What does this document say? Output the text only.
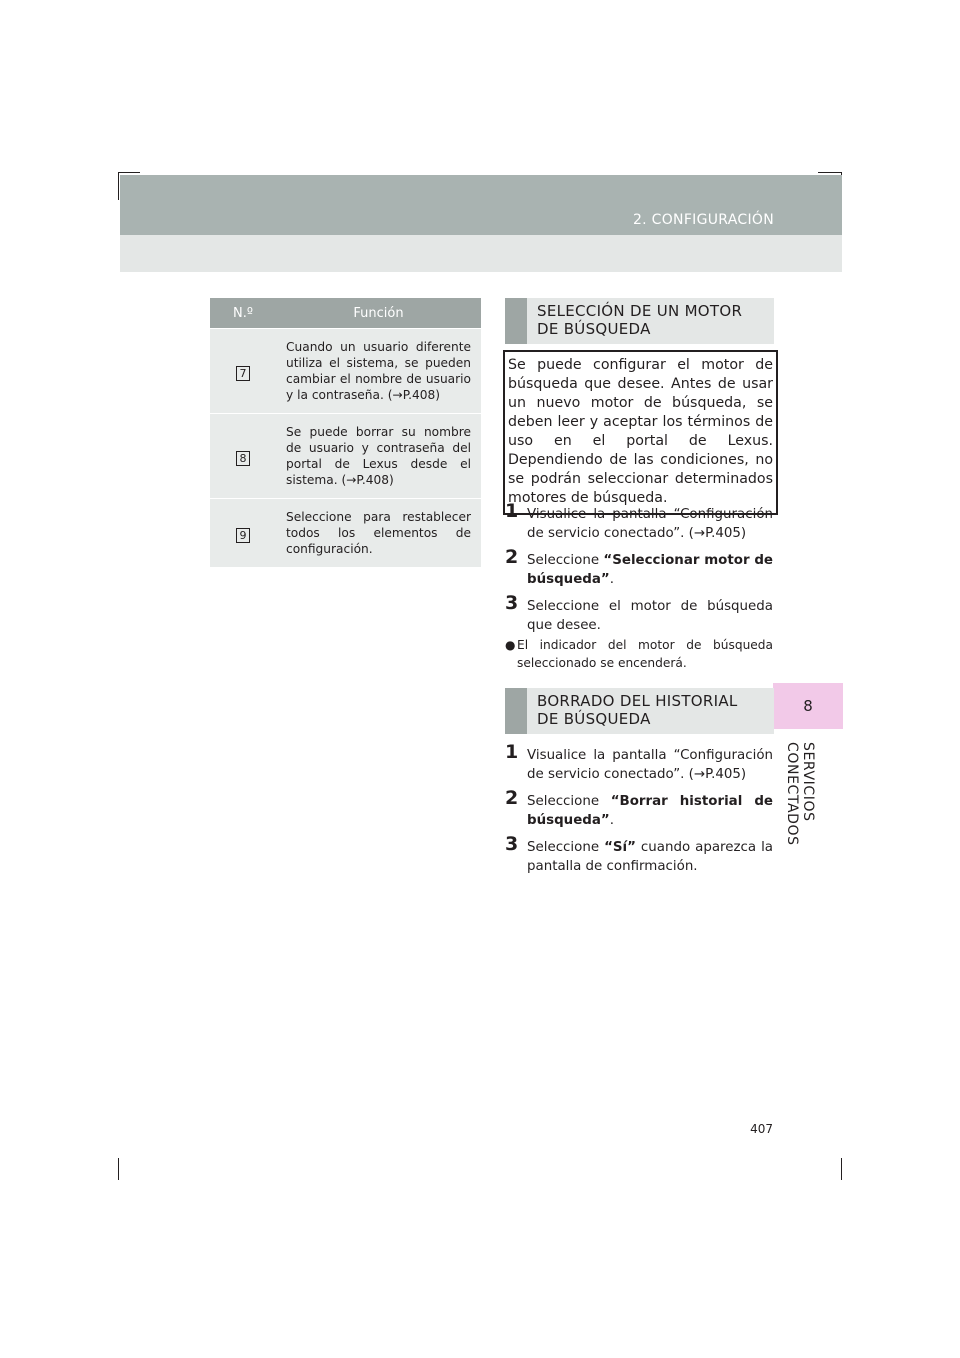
2. CONFIGURACIÓN
8
SERVICIOS CONECTADOS
N.º	Función
7	Cuando un usuario diferente utiliza el sistema, se pueden cambiar el nombre de usuario y la contraseña. (→P.408)
8	Se puede borrar su nombre de usuario y contraseña del portal de Lexus desde el sistema. (→P.408)
9	Seleccione para restablecer todos los elementos de configuración.
SELECCIÓN DE UN MOTOR
DE BÚSQUEDA
Se puede configurar el motor de búsqueda que desee. Antes de usar un nuevo motor de búsqueda, se deben leer y aceptar los términos de uso en el portal de Lexus. Dependiendo de las condiciones, no se podrán seleccionar determinados motores de búsqueda.
1 Visualice la pantalla “Configuración de servicio conectado”. (→P.405)
2 Seleccione “Seleccionar motor de búsqueda”.
3 Seleccione el motor de búsqueda que desee.
● El indicador del motor de búsqueda seleccionado se encenderá.
BORRADO DEL HISTORIAL
DE BÚSQUEDA
1 Visualice la pantalla “Configuración de servicio conectado”. (→P.405)
2 Seleccione “Borrar historial de búsqueda”.
3 Seleccione “Sí” cuando aparezca la pantalla de confirmación.
407
